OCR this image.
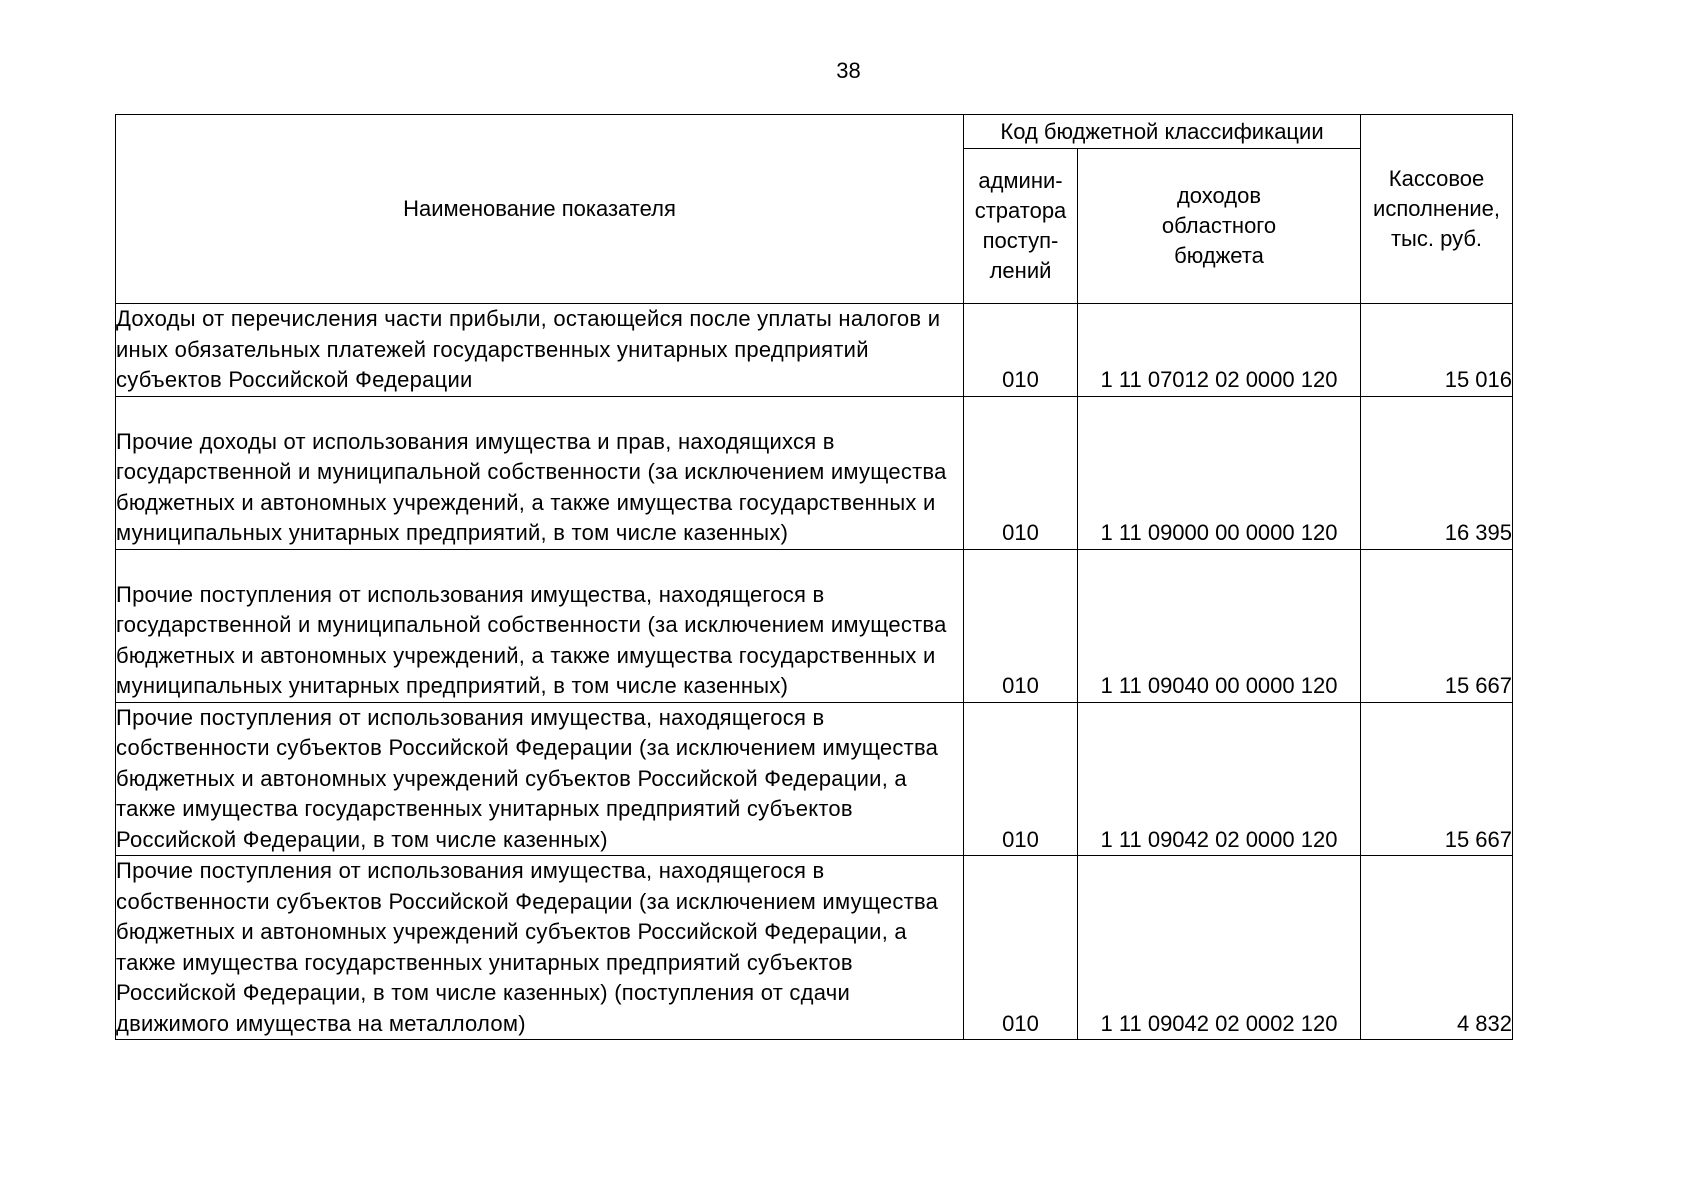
38
Наименование показателя	Код бюджетной классификации		Кассовое
исполнение,
тыс. руб.
	админи-
стратора
поступ-
лений	доходов
областного
бюджета	
Доходы от перечисления части прибыли, остающейся после уплаты налогов и иных обязательных платежей государственных унитарных предприятий субъектов Российской Федерации	010	1 11 07012 02 0000 120	15 016
Прочие доходы от использования имущества и прав, находящихся в государственной и муниципальной собственности (за исключением имущества бюджетных и автономных учреждений, а также имущества государственных и муниципальных унитарных предприятий, в том числе казенных)	010	1 11 09000 00 0000 120	16 395
Прочие поступления от использования имущества, находящегося в государственной и муниципальной собственности (за исключением имущества бюджетных и автономных учреждений, а также имущества государственных и муниципальных унитарных предприятий, в том числе казенных)	010	1 11 09040 00 0000 120	15 667
Прочие поступления от использования имущества, находящегося в собственности субъектов Российской Федерации (за исключением имущества бюджетных и автономных учреждений субъектов Российской Федерации, а также имущества государственных унитарных предприятий субъектов Российской Федерации, в том числе казенных)	010	1 11 09042 02 0000 120	15 667
Прочие поступления от использования имущества, находящегося в собственности субъектов Российской Федерации (за исключением имущества бюджетных и автономных учреждений субъектов Российской Федерации, а также имущества государственных унитарных предприятий субъектов Российской Федерации, в том числе казенных) (поступления от сдачи движимого имущества на металлолом)	010	1 11 09042 02 0002 120	4 832
